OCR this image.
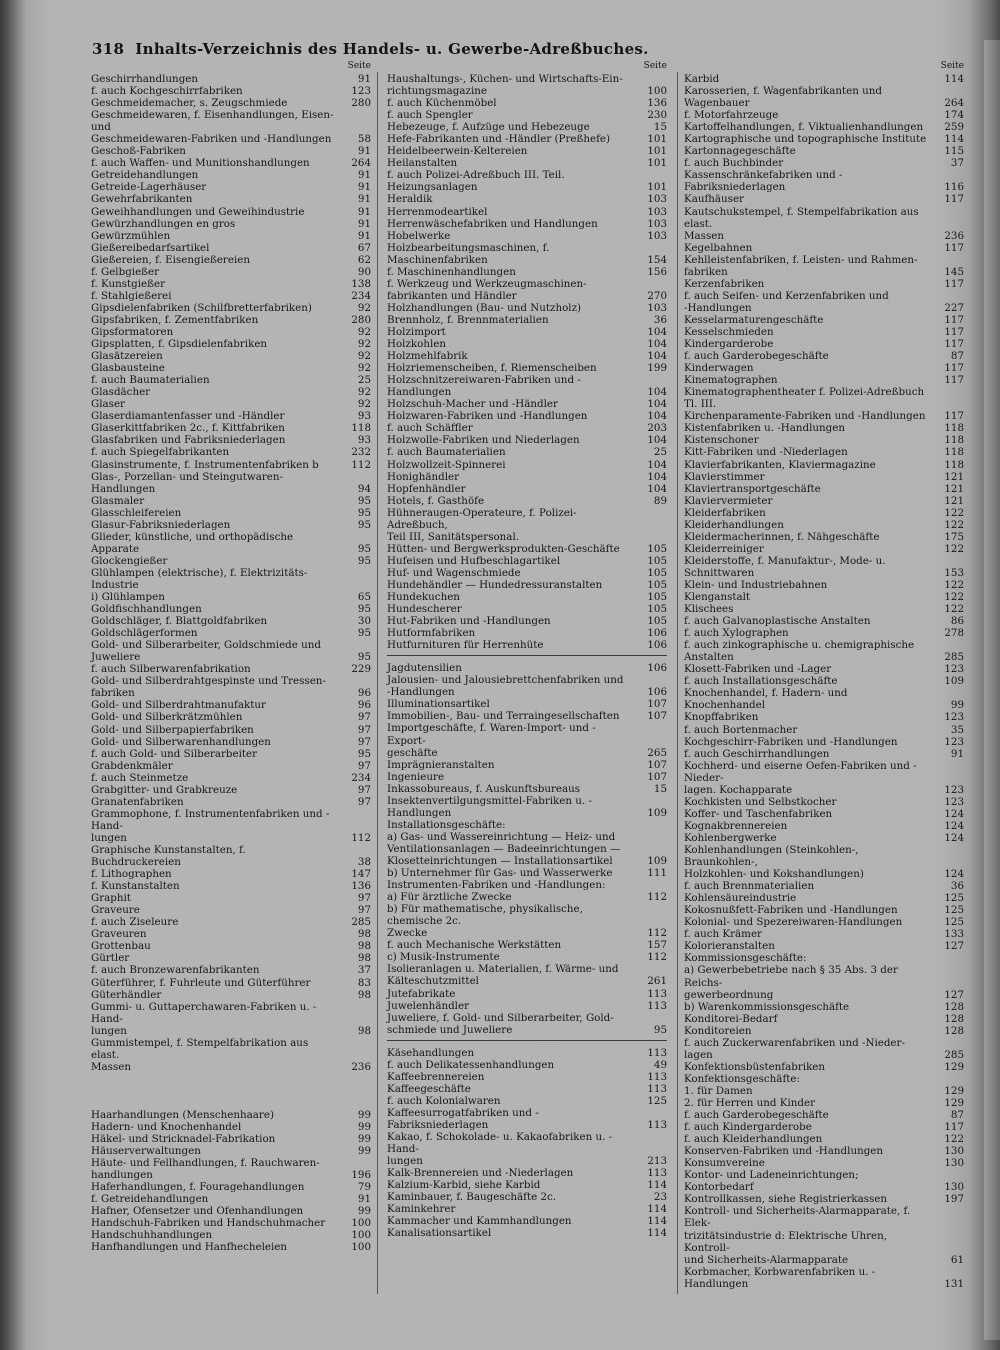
318 Inhalts-Verzeichnis des Handels- u. Gewerbe-Adreßbuches.
Seite
Geschirrhandlungen	91
f. auch Kochgeschirrfabriken	123
Geschmeidemacher, s. Zeugschmiede	280
Geschmeidewaren, f. Eisenhandlungen, Eisen- und
Geschmeidewaren-Fabriken und -Handlungen	58
Geschoß-Fabriken	91
f. auch Waffen- und Munitionshandlungen	264
Getreidehandlungen	91
Getreide-Lagerhäuser	91
Gewehrfabrikanten	91
Geweihhandlungen und Geweihindustrie	91
Gewürzhandlungen en gros	91
Gewürzmühlen	91
Gießereibedarfsartikel	67
Gießereien, f. Eisengießereien	62
f. Gelbgießer	90
f. Kunstgießer	138
f. Stahlgießerei	234
Gipsdielenfabriken (Schilfbretterfabriken)	92
Gipsfabriken, f. Zementfabriken	280
Gipsformatoren	92
Gipsplatten, f. Gipsdielenfabriken	92
Glasätzereien	92
Glasbausteine	92
f. auch Baumaterialien	25
Glasdächer	92
Glaser	92
Glaserdiamantenfasser und -Händler	93
Glaserkittfabriken 2c., f. Kittfabriken	118
Glasfabriken und Fabriksniederlagen	93
f. auch Spiegelfabrikanten	232
Glasinstrumente, f. Instrumentenfabriken b	112
Glas-, Porzellan- und Steingutwaren-Handlungen	94
Glasmaler	95
Glasschleifereien	95
Glasur-Fabriksniederlagen	95
Glieder, künstliche, und orthopädische Apparate	95
Glockengießer	95
Glühlampen (elektrische), f. Elektrizitäts-Industrie
i) Glühlampen	65
Goldfischhandlungen	95
Goldschläger, f. Blattgoldfabriken	30
Goldschlägerformen	95
Gold- und Silberarbeiter, Goldschmiede und
Juweliere	95
f. auch Silberwarenfabrikation	229
Gold- und Silberdrahtgespinste und Tressen-
fabriken	96
Gold- und Silberdrahtmanufaktur	96
Gold- und Silberkrätzmühlen	97
Gold- und Silberpapierfabriken	97
Gold- und Silberwarenhandlungen	97
f. auch Gold- und Silberarbeiter	95
Grabdenkmäler	97
f. auch Steinmetze	234
Grabgitter- und Grabkreuze	97
Granatenfabriken	97
Grammophone, f. Instrumentenfabriken und -Hand-
lungen	112
Graphische Kunstanstalten, f. Buchdruckereien	38
f. Lithographen	147
f. Kunstanstalten	136
Graphit	97
Graveure	97
f. auch Ziseleure	285
Graveuren	98
Grottenbau	98
Gürtler	98
f. auch Bronzewarenfabrikanten	37
Güterführer, f. Fuhrleute und Güterführer	83
Güterhändler	98
Gummi- u. Guttaperchawaren-Fabriken u. -Hand-
lungen	98
Gummistempel, f. Stempelfabrikation aus elast.
Massen	236
Haarhandlungen (Menschenhaare)	99
Hadern- und Knochenhandel	99
Häkel- und Stricknadel-Fabrikation	99
Häuserverwaltungen	99
Häute- und Fellhandlungen, f. Rauchwaren-
handlungen	196
Haferhandlungen, f. Fouragehandlungen	79
f. Getreidehandlungen	91
Hafner, Ofensetzer und Ofenhandlungen	99
Handschuh-Fabriken und Handschuhmacher	100
Handschuhhandlungen	100
Hanfhandlungen und Hanfhecheleien	100
Seite
Haushaltungs-, Küchen- und Wirtschafts-Ein-
richtungsmagazine	100
f. auch Küchenmöbel	136
f. auch Spengler	230
Hebezeuge, f. Aufzüge und Hebezeuge	15
Hefe-Fabrikanten und -Händler (Preßhefe)	101
Heidelbeerwein-Keltereien	101
Heilanstalten	101
f. auch Polizei-Adreßbuch III. Teil.
Heizungsanlagen	101
Heraldik	103
Herrenmodeartikel	103
Herrenwäschefabriken und Handlungen	103
Hobelwerke	103
Holzbearbeitungsmaschinen, f. Maschinenfabriken	154
f. Maschinenhandlungen	156
f. Werkzeug und Werkzeugmaschinen-
fabrikanten und Händler	270
Holzhandlungen (Bau- und Nutzholz)	103
Brennholz, f. Brennmaterialien	36
Holzimport	104
Holzkohlen	104
Holzmehlfabrik	104
Holzriemenscheiben, f. Riemenscheiben	199
Holzschnitzereiwaren-Fabriken und -Handlungen	104
Holzschuh-Macher und -Händler	104
Holzwaren-Fabriken und -Handlungen	104
f. auch Schäffler	203
Holzwolle-Fabriken und Niederlagen	104
f. auch Baumaterialien	25
Holzwollzeit-Spinnerei	104
Honighändler	104
Hopfenhändler	104
Hotels, f. Gasthöfe	89
Hühneraugen-Operateure, f. Polizei-Adreßbuch,
Teil III, Sanitätspersonal.
Hütten- und Bergwerksprodukten-Geschäfte	105
Hufeisen und Hufbeschlagartikel	105
Huf- und Wagenschmiede	105
Hundehändler — Hundedressuranstalten	105
Hundekuchen	105
Hundescherer	105
Hut-Fabriken und -Handlungen	105
Hutformfabriken	106
Hutfurnituren für Herrenhüte	106
Jagdutensilien	106
Jalousien- und Jalousiebrettchenfabriken und
-Handlungen	106
Illuminationsartikel	107
Immobilien-, Bau- und Terraingesellschaften	107
Importgeschäfte, f. Waren-Import- und -Export-
geschäfte	265
Imprägnieranstalten	107
Ingenieure	107
Inkassobureaus, f. Auskunftsbureaus	15
Insektenvertilgungsmittel-Fabriken u. -Handlungen	109
Installationsgeschäfte:
a) Gas- und Wassereinrichtung — Heiz- und
Ventilationsanlagen — Badeeinrichtungen —
Klosetteinrichtungen — Installationsartikel	109
b) Unternehmer für Gas- und Wasserwerke	111
Instrumenten-Fabriken und -Handlungen:
a) Für ärztliche Zwecke	112
b) Für mathematische, physikalische, chemische 2c.
Zwecke	112
f. auch Mechanische Werkstätten	157
c) Musik-Instrumente	112
Isolieranlagen u. Materialien, f. Wärme- und
Kälteschutzmittel	261
Jutefabrikate	113
Juwelenhändler	113
Juweliere, f. Gold- und Silberarbeiter, Gold-
schmiede und Juweliere	95
Käsehandlungen	113
f. auch Delikatessenhandlungen	49
Kaffeebrennereien	113
Kaffeegeschäfte	113
f. auch Kolonialwaren	125
Kaffeesurrogatfabriken und -Fabriksniederlagen	113
Kakao, f. Schokolade- u. Kakaofabriken u. -Hand-
lungen	213
Kalk-Brennereien und -Niederlagen	113
Kalzium-Karbid, siehe Karbid	114
Kaminbauer, f. Baugeschäfte 2c.	23
Kaminkehrer	114
Kammacher und Kammhandlungen	114
Kanalisationsartikel	114
Seite
Karbid	114
Karosserien, f. Wagenfabrikanten und Wagenbauer	264
f. Motorfahrzeuge	174
Kartoffelhandlungen, f. Viktualienhandlungen	259
Kartographische und topographische Institute	114
Kartonnagegeschäfte	115
f. auch Buchbinder	37
Kassenschränkefabriken und -Fabriksniederlagen	116
Kaufhäuser	117
Kautschukstempel, f. Stempelfabrikation aus elast.
Massen	236
Kegelbahnen	117
Kehlleistenfabriken, f. Leisten- und Rahmen-
fabriken	145
Kerzenfabriken	117
f. auch Seifen- und Kerzenfabriken und
-Handlungen	227
Kesselarmaturengeschäfte	117
Kesselschmieden	117
Kindergarderobe	117
f. auch Garderobegeschäfte	87
Kinderwagen	117
Kinematographen	117
Kinematographentheater f. Polizei-Adreßbuch Tl. III.
Kirchenparamente-Fabriken und -Handlungen	117
Kistenfabriken u. -Handlungen	118
Kistenschoner	118
Kitt-Fabriken und -Niederlagen	118
Klavierfabrikanten, Klaviermagazine	118
Klavierstimmer	121
Klaviertransportgeschäfte	121
Klaviervermieter	121
Kleiderfabriken	122
Kleiderhandlungen	122
Kleidermacherinnen, f. Nähgeschäfte	175
Kleiderreiniger	122
Kleiderstoffe, f. Manufaktur-, Mode- u. Schnittwaren	153
Klein- und Industriebahnen	122
Klenganstalt	122
Klischees	122
f. auch Galvanoplastische Anstalten	86
f. auch Xylographen	278
f. auch zinkographische u. chemigraphische
Anstalten	285
Klosett-Fabriken und -Lager	123
f. auch Installationsgeschäfte	109
Knochenhandel, f. Hadern- und Knochenhandel	99
Knopffabriken	123
f. auch Bortenmacher	35
Kochgeschirr-Fabriken und -Handlungen	123
f. auch Geschirrhandlungen	91
Kochherd- und eiserne Oefen-Fabriken und -Nieder-
lagen. Kochapparate	123
Kochkisten und Selbstkocher	123
Koffer- und Taschenfabriken	124
Kognakbrennereien	124
Kohlenbergwerke	124
Kohlenhandlungen (Steinkohlen-, Braunkohlen-,
Holzkohlen- und Kokshandlungen)	124
f. auch Brennmaterialien	36
Kohlensäureindustrie	125
Kokosnußfett-Fabriken und -Handlungen	125
Kolonial- und Spezereiwaren-Handlungen	125
f. auch Krämer	133
Kolorieranstalten	127
Kommissionsgeschäfte:
a) Gewerbebetriebe nach § 35 Abs. 3 der Reichs-
gewerbeordnung	127
b) Warenkommissionsgeschäfte	128
Konditorei-Bedarf	128
Konditoreien	128
f. auch Zuckerwarenfabriken und -Nieder-
lagen	285
Konfektionsbüstenfabriken	129
Konfektionsgeschäfte:
1. für Damen	129
2. für Herren und Kinder	129
f. auch Garderobegeschäfte	87
f. auch Kindergarderobe	117
f. auch Kleiderhandlungen	122
Konserven-Fabriken und -Handlungen	130
Konsumvereine	130
Kontor- und Ladeneinrichtungen; Kontorbedarf	130
Kontrollkassen, siehe Registrierkassen	197
Kontroll- und Sicherheits-Alarmapparate, f. Elek-
trizitätsindustrie d: Elektrische Uhren, Kontroll-
und Sicherheits-Alarmapparate	61
Korbmacher, Korbwarenfabriken u. -Handlungen	131
